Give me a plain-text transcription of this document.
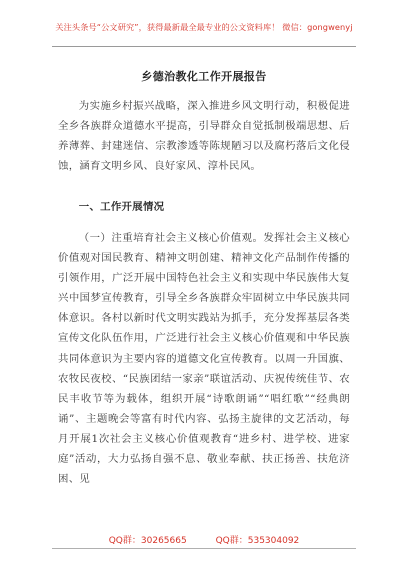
关注头条号“公文研究”，获得最新最全最专业的公文资料库！ 微信：gongwenyj
乡德治教化工作开展报告

为实施乡村振兴战略，深入推进乡风文明行动，积极促进全乡各族群众道德水平提高，引导群众自觉抵制极端思想、后养薄葬、封建迷信、宗教渗透等陈规陋习以及腐朽落后文化侵蚀，涵育文明乡风、良好家风、淳朴民风。

一、工作开展情况

（一）注重培育社会主义核心价值观。发挥社会主义核心价值观对国民教育、精神文明创建、精神文化产品制作传播的引领作用，广泛开展中国特色社会主义和实现中华民族伟大复兴中国梦宣传教育，引导全乡各族群众牢固树立中华民族共同体意识。各村以新时代文明实践站为抓手，充分发挥基层各类宣传文化队伍作用，广泛进行社会主义核心价值观和中华民族共同体意识为主要内容的道德文化宣传教育。以周一升国旗、农牧民夜校、“民族团结一家亲”联谊活动、庆祝传统佳节、农民丰收节等为载体，组织开展“诗歌朗诵”“唱红歌”“经典朗诵”、主题晚会等富有时代内容、弘扬主旋律的文艺活动，每月开展1次社会主义核心价值观教育“进乡村、进学校、进家庭”活动，大力弘扬自强不息、敬业奉献、扶正扬善、扶危济困、见

QQ群：30265665	QQ群：535304092
